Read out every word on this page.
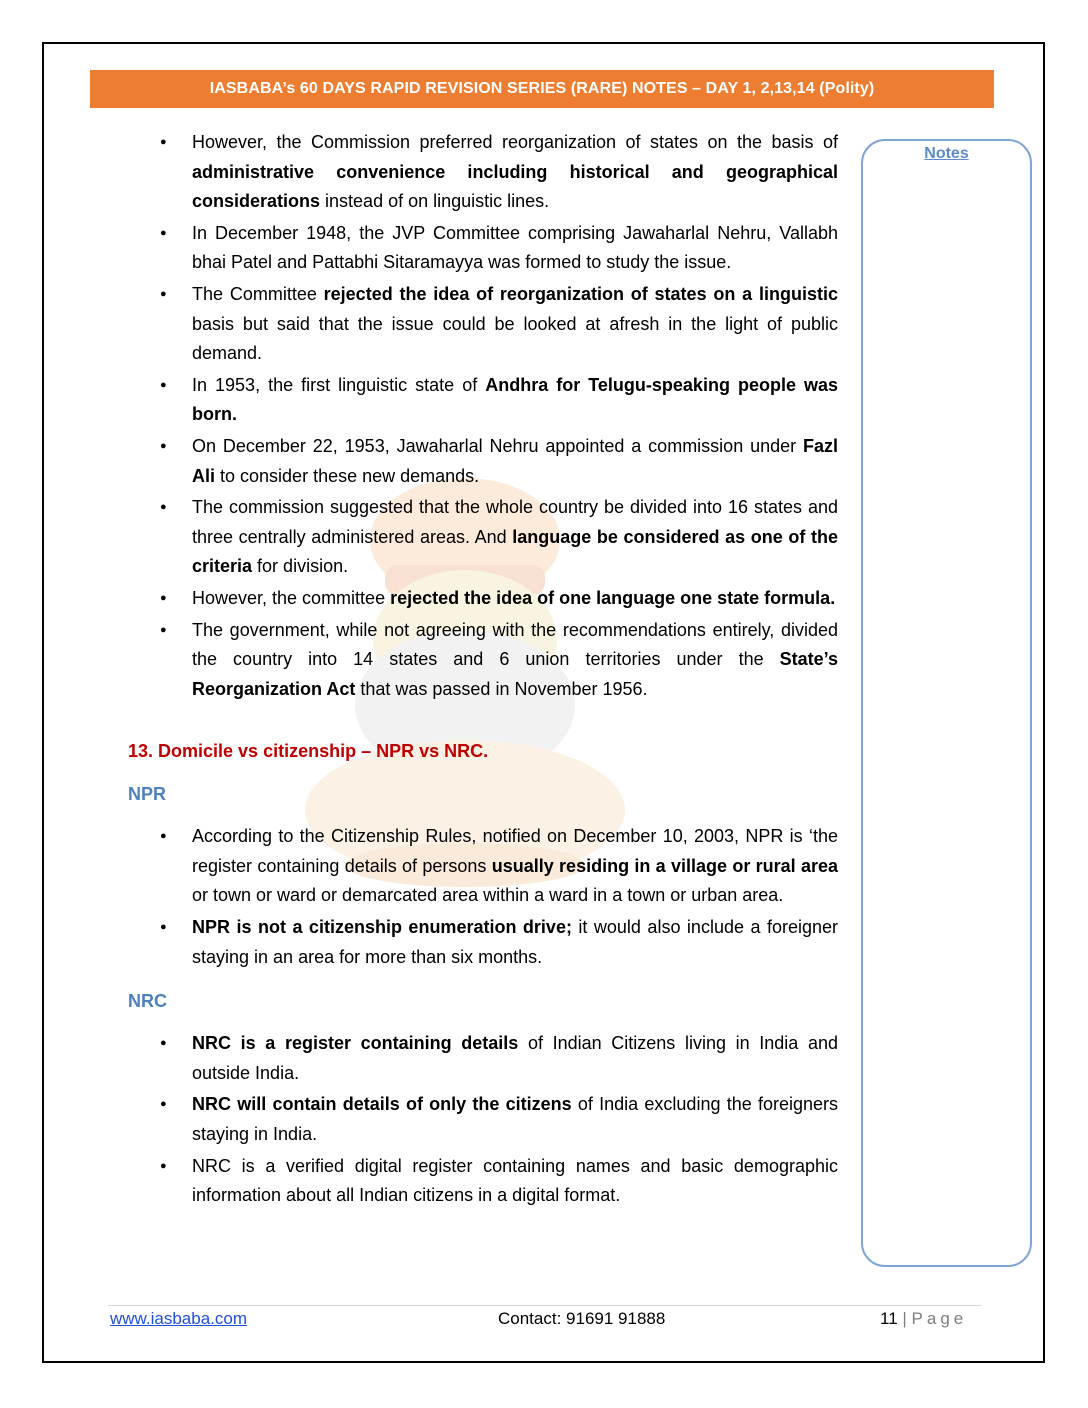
IASBABA’s 60 DAYS RAPID REVISION SERIES (RARE) NOTES – DAY 1, 2,13,14 (Polity)
Notes
● However, the Commission preferred reorganization of states on the basis of administrative convenience including historical and geographical considerations instead of on linguistic lines.
● In December 1948, the JVP Committee comprising Jawaharlal Nehru, Vallabh bhai Patel and Pattabhi Sitaramayya was formed to study the issue.
● The Committee rejected the idea of reorganization of states on a linguistic basis but said that the issue could be looked at afresh in the light of public demand.
● In 1953, the first linguistic state of Andhra for Telugu-speaking people was born.
● On December 22, 1953, Jawaharlal Nehru appointed a commission under Fazl Ali to consider these new demands.
● The commission suggested that the whole country be divided into 16 states and three centrally administered areas. And language be considered as one of the criteria for division.
● However, the committee rejected the idea of one language one state formula.
● The government, while not agreeing with the recommendations entirely, divided the country into 14 states and 6 union territories under the State’s Reorganization Act that was passed in November 1956.
13. Domicile vs citizenship – NPR vs NRC.
NPR
● According to the Citizenship Rules, notified on December 10, 2003, NPR is ‘the register containing details of persons usually residing in a village or rural area or town or ward or demarcated area within a ward in a town or urban area.
● NPR is not a citizenship enumeration drive; it would also include a foreigner staying in an area for more than six months.
NRC
● NRC is a register containing details of Indian Citizens living in India and outside India.
● NRC will contain details of only the citizens of India excluding the foreigners staying in India.
● NRC is a verified digital register containing names and basic demographic information about all Indian citizens in a digital format.
www.iasbaba.com	Contact: 91691 91888	11 | Page
